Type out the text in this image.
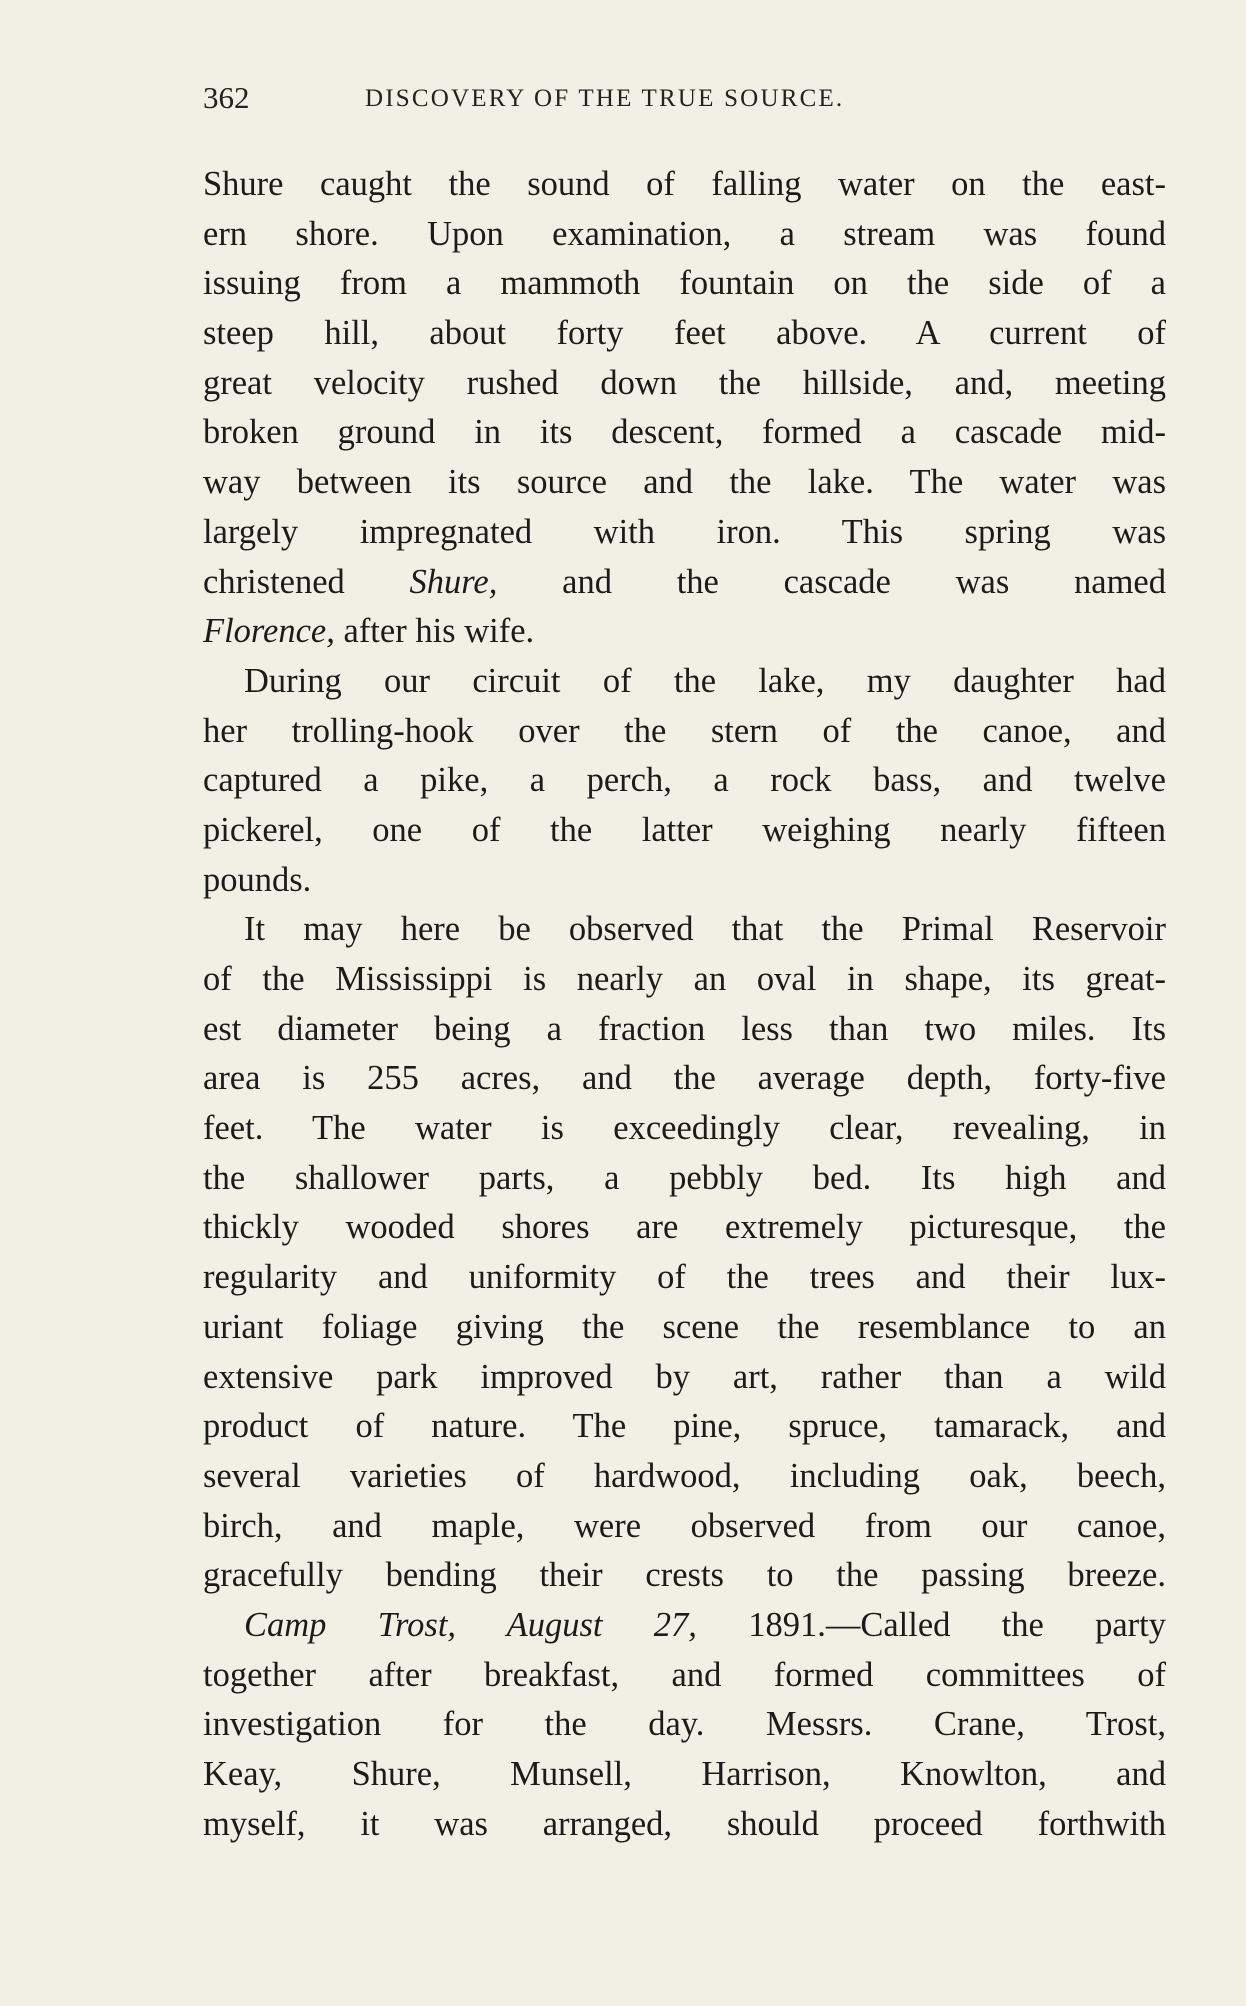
362	DISCOVERY OF THE TRUE SOURCE.
Shure caught the sound of falling water on the east-
ern shore. Upon examination, a stream was found
issuing from a mammoth fountain on the side of a
steep hill, about forty feet above. A current of
great velocity rushed down the hillside, and, meeting
broken ground in its descent, formed a cascade mid-
way between its source and the lake. The water was
largely impregnated with iron. This spring was
christened Shure, and the cascade was named
Florence, after his wife.
During our circuit of the lake, my daughter had
her trolling-hook over the stern of the canoe, and
captured a pike, a perch, a rock bass, and twelve
pickerel, one of the latter weighing nearly fifteen
pounds.
It may here be observed that the Primal Reservoir
of the Mississippi is nearly an oval in shape, its great-
est diameter being a fraction less than two miles. Its
area is 255 acres, and the average depth, forty-five
feet. The water is exceedingly clear, revealing, in
the shallower parts, a pebbly bed. Its high and
thickly wooded shores are extremely picturesque, the
regularity and uniformity of the trees and their lux-
uriant foliage giving the scene the resemblance to an
extensive park improved by art, rather than a wild
product of nature. The pine, spruce, tamarack, and
several varieties of hardwood, including oak, beech,
birch, and maple, were observed from our canoe,
gracefully bending their crests to the passing breeze.
Camp Trost, August 27, 1891.—Called the party
together after breakfast, and formed committees of
investigation for the day. Messrs. Crane, Trost,
Keay, Shure, Munsell, Harrison, Knowlton, and
myself, it was arranged, should proceed forthwith
